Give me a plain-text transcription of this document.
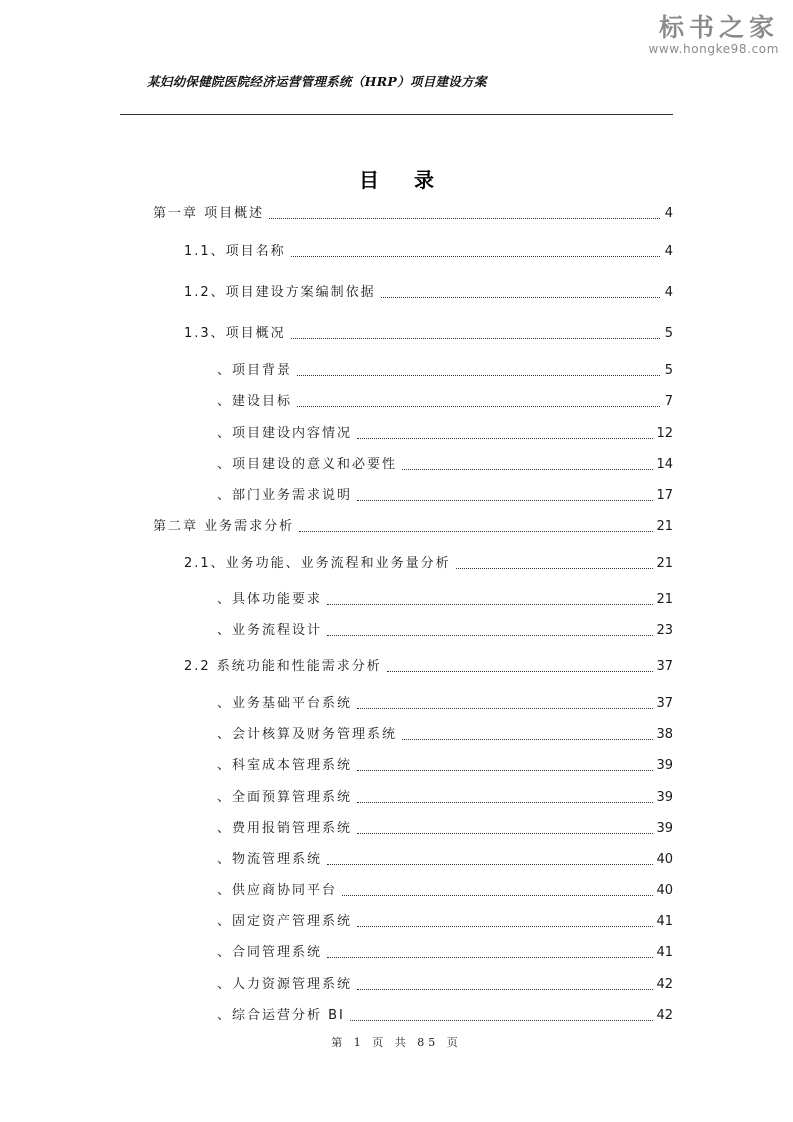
标书之家
www.hongke98.com
某妇幼保健院医院经济运营管理系统（HRP）项目建设方案
目 录
第一章 项目概述	4
1.1、项目名称	4
1.2、项目建设方案编制依据	4
1.3、项目概况	5
、项目背景	5
、建设目标	7
、项目建设内容情况	12
、项目建设的意义和必要性	14
、部门业务需求说明	17
第二章 业务需求分析	21
2.1、业务功能、业务流程和业务量分析	21
、具体功能要求	21
、业务流程设计	23
2.2 系统功能和性能需求分析	37
、业务基础平台系统	37
、会计核算及财务管理系统	38
、科室成本管理系统	39
、全面预算管理系统	39
、费用报销管理系统	39
、物流管理系统	40
、供应商协同平台	40
、固定资产管理系统	41
、合同管理系统	41
、人力资源管理系统	42
、综合运营分析 BI	42
第 1 页 共 85 页
